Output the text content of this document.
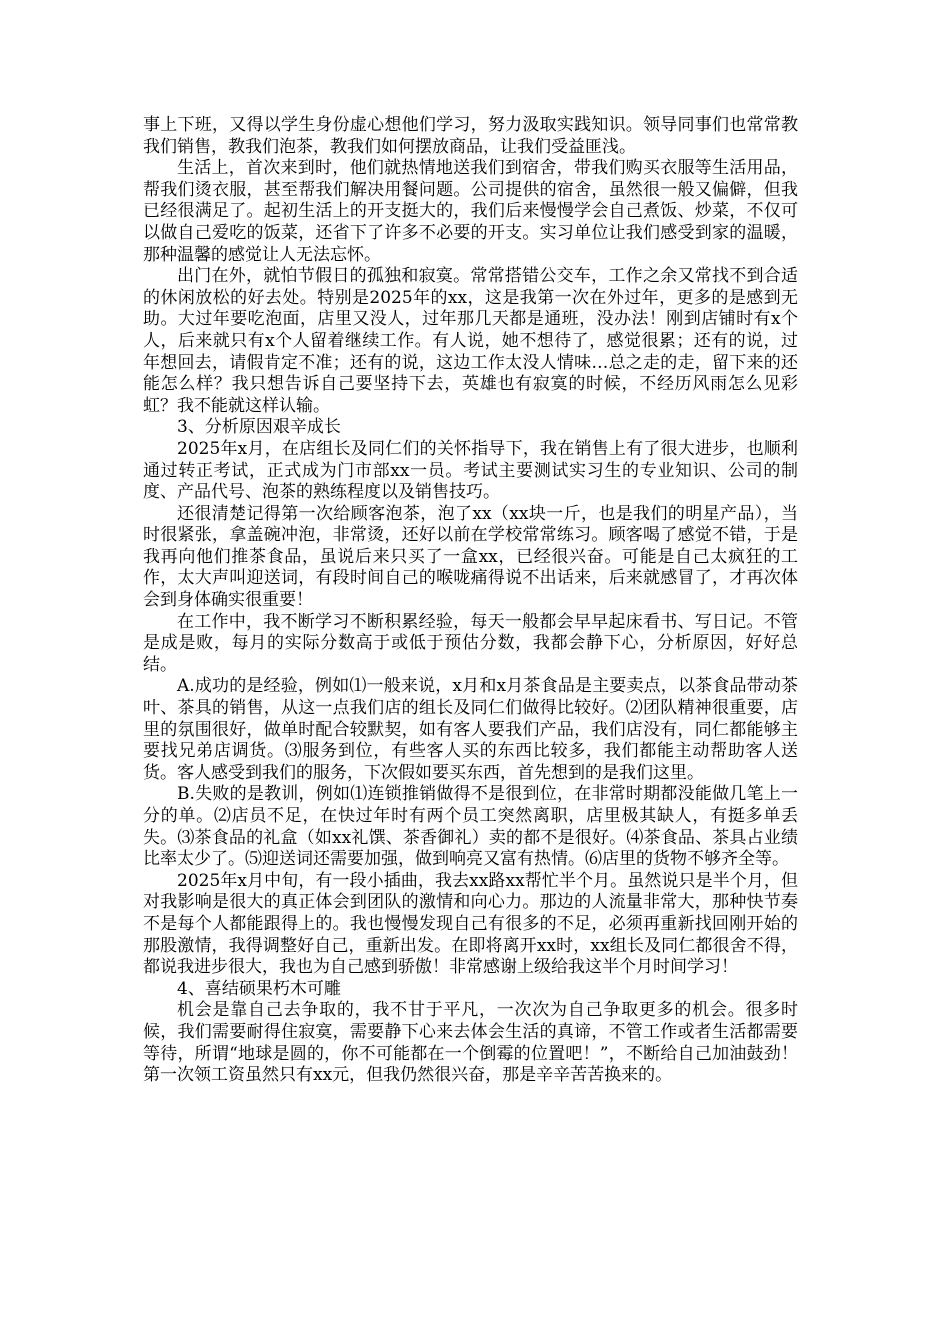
事上下班，又得以学生身份虚心想他们学习，努力汲取实践知识。领导同事们也常常教我们销售，教我们泡茶，教我们如何摆放商品，让我们受益匪浅。

生活上，首次来到时，他们就热情地送我们到宿舍，带我们购买衣服等生活用品，帮我们烫衣服，甚至帮我们解决用餐问题。公司提供的宿舍，虽然很一般又偏僻，但我已经很满足了。起初生活上的开支挺大的，我们后来慢慢学会自己煮饭、炒菜，不仅可以做自己爱吃的饭菜，还省下了许多不必要的开支。实习单位让我们感受到家的温暖，那种温馨的感觉让人无法忘怀。

出门在外，就怕节假日的孤独和寂寞。常常搭错公交车，工作之余又常找不到合适的休闲放松的好去处。特别是2025年的xx，这是我第一次在外过年，更多的是感到无助。大过年要吃泡面，店里又没人，过年那几天都是通班，没办法！刚到店铺时有x个人，后来就只有x个人留着继续工作。有人说，她不想待了，感觉很累；还有的说，过年想回去，请假肯定不准；还有的说，这边工作太没人情味…总之走的走，留下来的还能怎么样？我只想告诉自己要坚持下去，英雄也有寂寞的时候，不经历风雨怎么见彩虹？我不能就这样认输。

3、分析原因艰辛成长

2025年x月，在店组长及同仁们的关怀指导下，我在销售上有了很大进步，也顺利通过转正考试，正式成为门市部xx一员。考试主要测试实习生的专业知识、公司的制度、产品代号、泡茶的熟练程度以及销售技巧。

还很清楚记得第一次给顾客泡茶，泡了xx（xx块一斤，也是我们的明星产品），当时很紧张，拿盖碗冲泡，非常烫，还好以前在学校常常练习。顾客喝了感觉不错，于是我再向他们推茶食品，虽说后来只买了一盒xx，已经很兴奋。可能是自己太疯狂的工作，太大声叫迎送词，有段时间自己的喉咙痛得说不出话来，后来就感冒了，才再次体会到身体确实很重要！

在工作中，我不断学习不断积累经验，每天一般都会早早起床看书、写日记。不管是成是败，每月的实际分数高于或低于预估分数，我都会静下心，分析原因，好好总结。

A.成功的是经验，例如⑴一般来说，x月和x月茶食品是主要卖点，以茶食品带动茶叶、茶具的销售，从这一点我们店的组长及同仁们做得比较好。⑵团队精神很重要，店里的氛围很好，做单时配合较默契，如有客人要我们产品，我们店没有，同仁都能够主要找兄弟店调货。⑶服务到位，有些客人买的东西比较多，我们都能主动帮助客人送货。客人感受到我们的服务，下次假如要买东西，首先想到的是我们这里。

B.失败的是教训，例如⑴连锁推销做得不是很到位，在非常时期都没能做几笔上一分的单。⑵店员不足，在快过年时有两个员工突然离职，店里极其缺人，有挺多单丢失。⑶茶食品的礼盒（如xx礼馔、茶香御礼）卖的都不是很好。⑷茶食品、茶具占业绩比率太少了。⑸迎送词还需要加强，做到响亮又富有热情。⑹店里的货物不够齐全等。

2025年x月中旬，有一段小插曲，我去xx路xx帮忙半个月。虽然说只是半个月，但对我影响是很大的真正体会到团队的激情和向心力。那边的人流量非常大，那种快节奏不是每个人都能跟得上的。我也慢慢发现自己有很多的不足，必须再重新找回刚开始的那股激情，我得调整好自己，重新出发。在即将离开xx时，xx组长及同仁都很舍不得，都说我进步很大，我也为自己感到骄傲！非常感谢上级给我这半个月时间学习！

4、喜结硕果朽木可雕

机会是靠自己去争取的，我不甘于平凡，一次次为自己争取更多的机会。很多时候，我们需要耐得住寂寞，需要静下心来去体会生活的真谛，不管工作或者生活都需要等待，所谓“地球是圆的，你不可能都在一个倒霉的位置吧！”，不断给自己加油鼓劲！第一次领工资虽然只有xx元，但我仍然很兴奋，那是辛辛苦苦换来的。
